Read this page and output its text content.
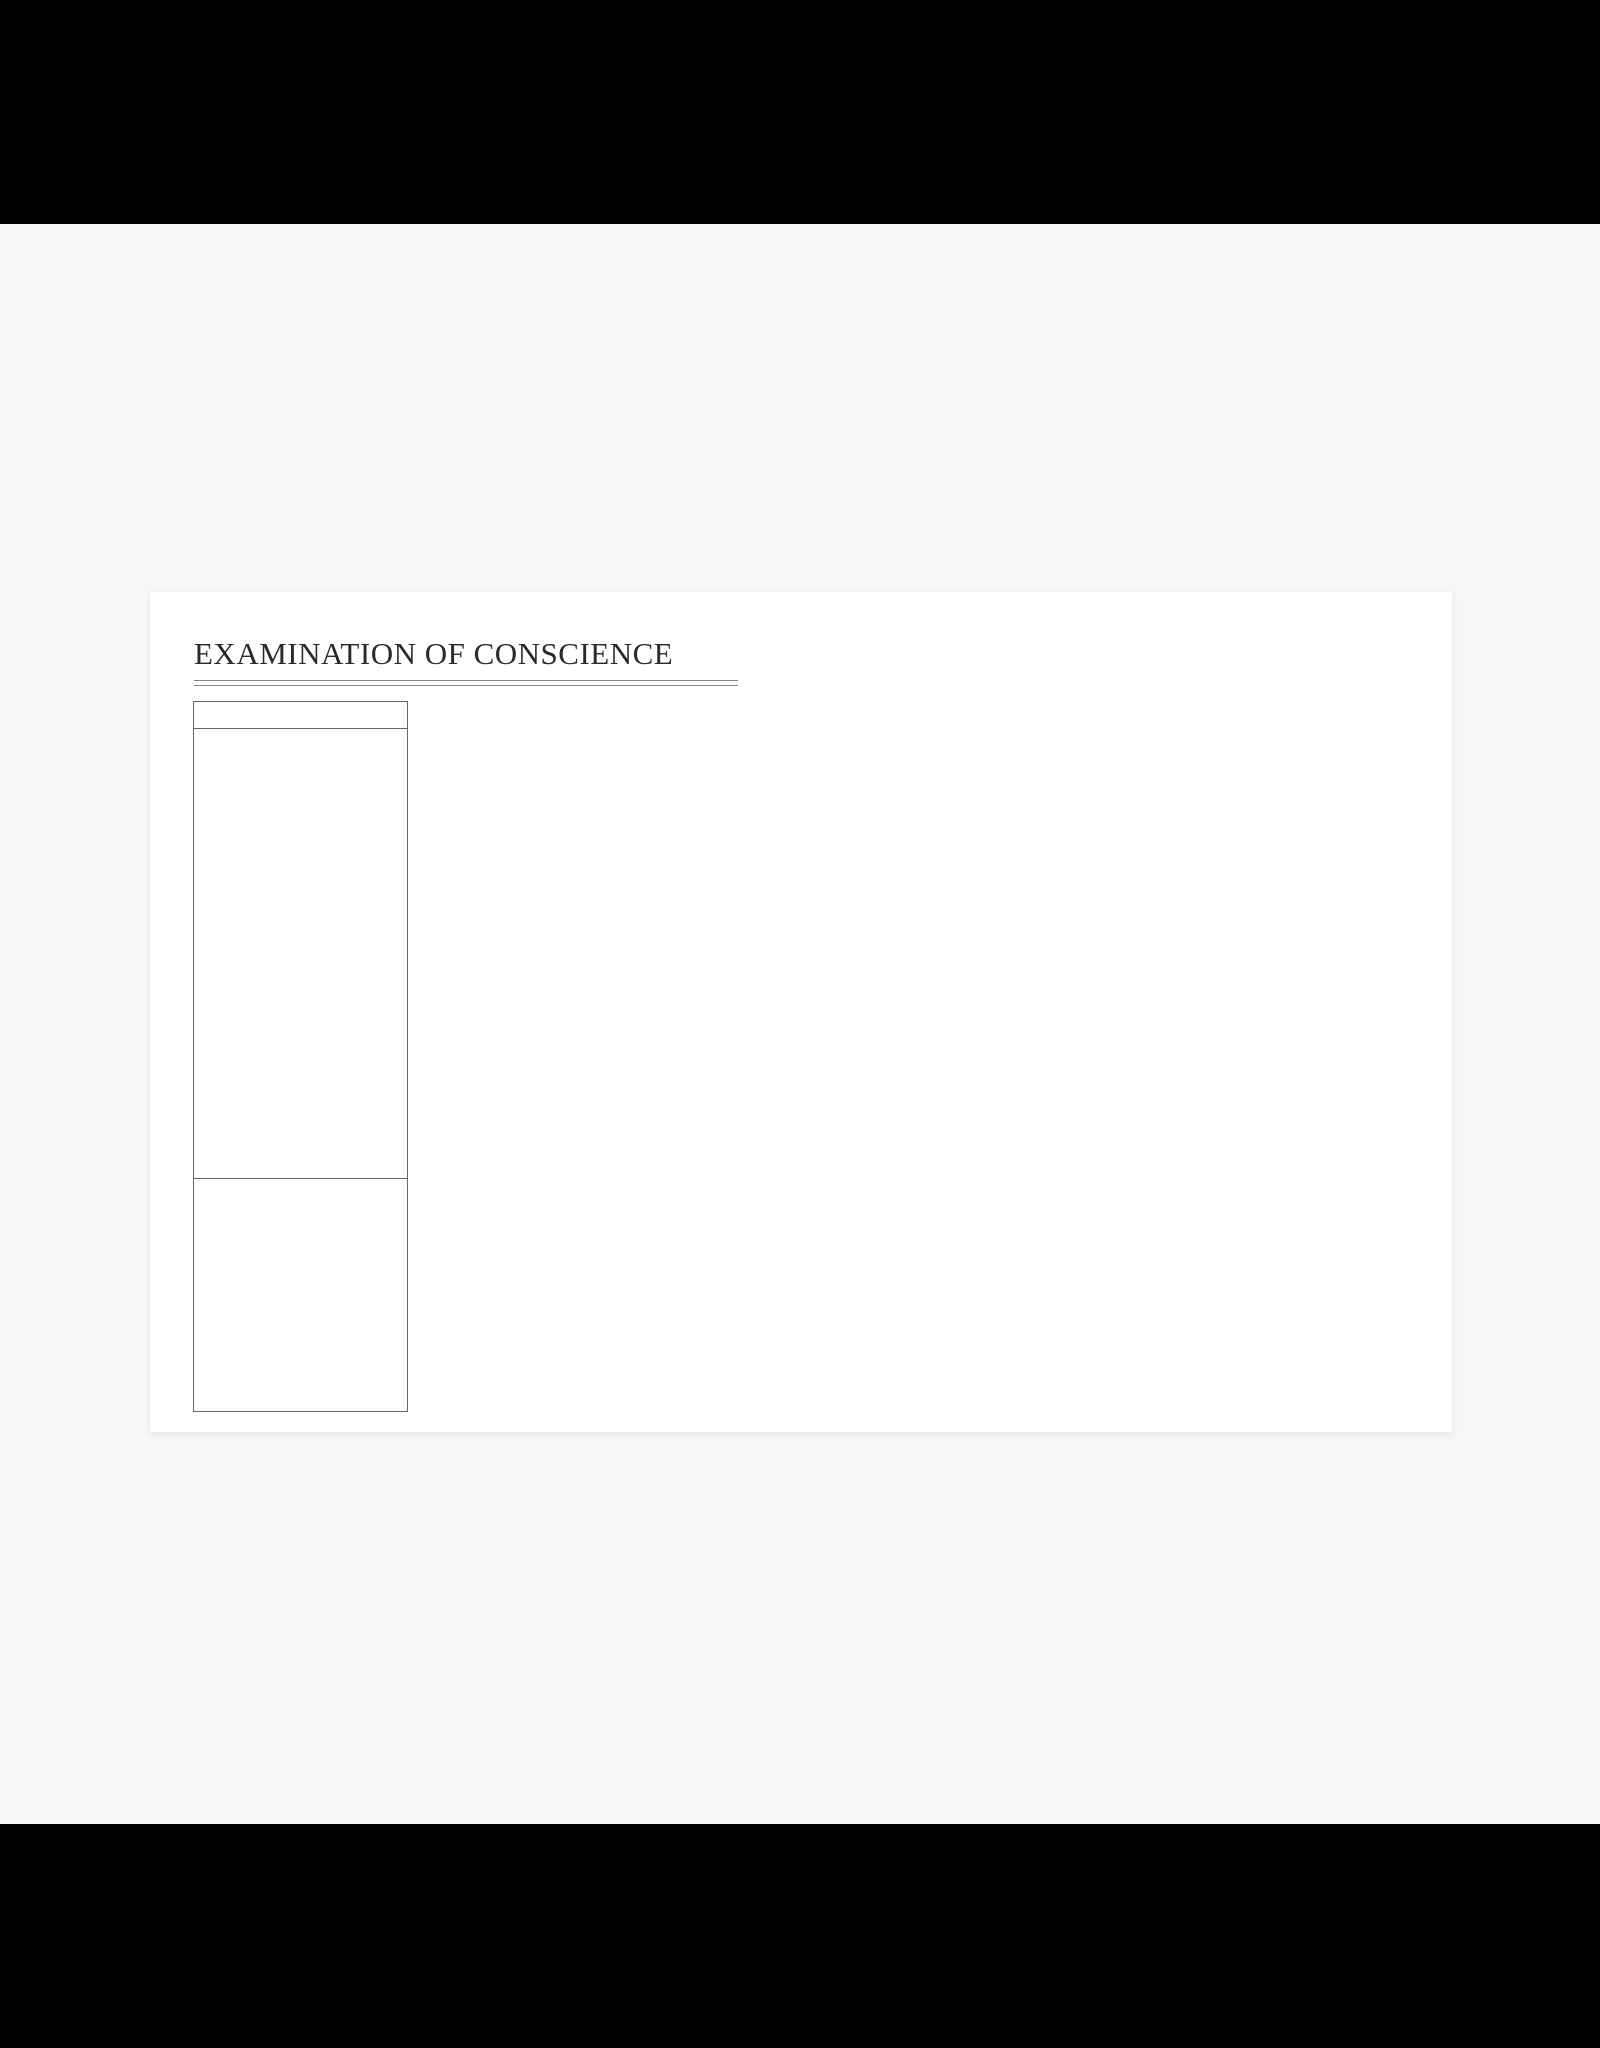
EXAMINATION OF CONSCIENCE
